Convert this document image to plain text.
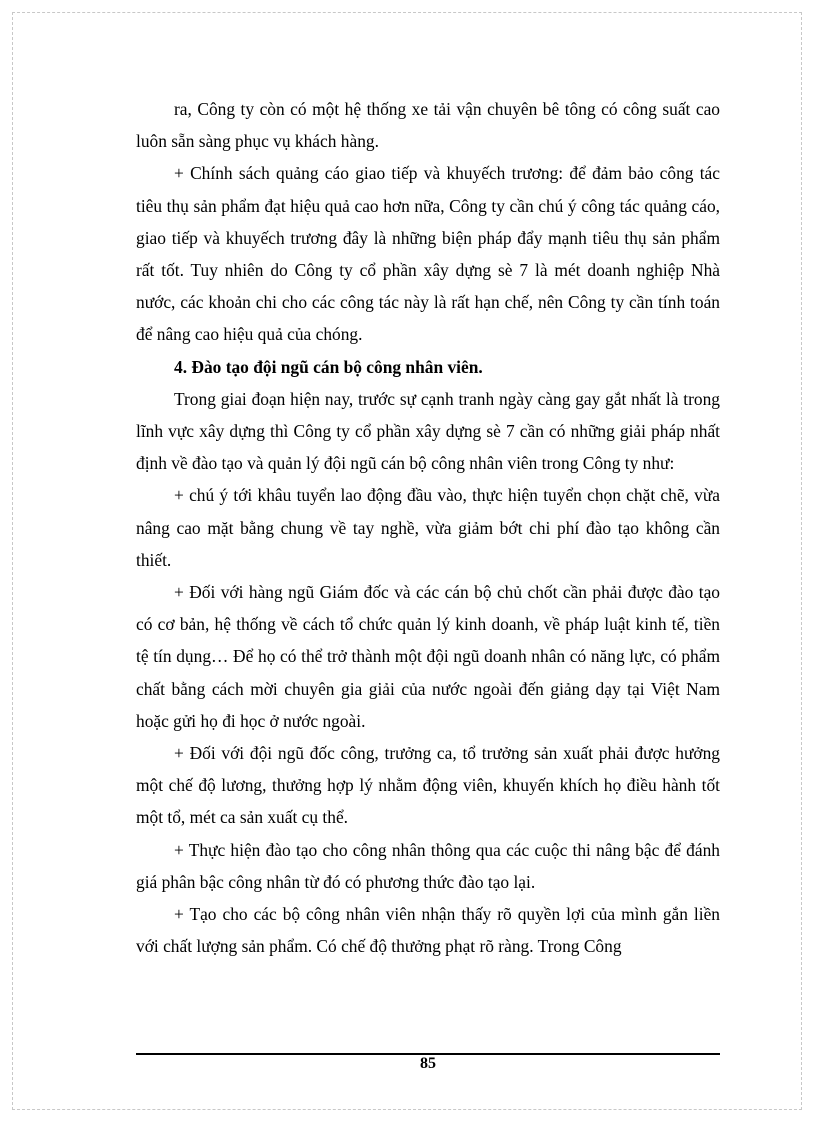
ra, Công ty còn có một hệ thống xe tải vận chuyên bê tông có công suất cao luôn sẵn sàng phục vụ khách hàng.

+ Chính sách quảng cáo giao tiếp và khuyếch trương: để đảm bảo công tác tiêu thụ sản phẩm đạt hiệu quả cao hơn nữa, Công ty cần chú ý công tác quảng cáo, giao tiếp và khuyếch trương đây là những biện pháp đẩy mạnh tiêu thụ sản phẩm rất tốt. Tuy nhiên do Công ty cổ phần xây dựng sè 7 là mét doanh nghiệp Nhà nước, các khoản chi cho các công tác này là rất hạn chế, nên Công ty cần tính toán để nâng cao hiệu quả của chóng.

4. Đào tạo đội ngũ cán bộ công nhân viên.

Trong giai đoạn hiện nay, trước sự cạnh tranh ngày càng gay gắt nhất là trong lĩnh vực xây dựng thì Công ty cổ phần xây dựng sè 7 cần có những giải pháp nhất định về đào tạo và quản lý đội ngũ cán bộ công nhân viên trong Công ty như:

+ chú ý tới khâu tuyển lao động đầu vào, thực hiện tuyển chọn chặt chẽ, vừa nâng cao mặt bằng chung về tay nghề, vừa giảm bớt chi phí đào tạo không cần thiết.

+ Đối với hàng ngũ Giám đốc và các cán bộ chủ chốt cần phải được đào tạo có cơ bản, hệ thống về cách tổ chức quản lý kinh doanh, về pháp luật kinh tế, tiền tệ tín dụng… Để họ có thể trở thành một đội ngũ doanh nhân có năng lực, có phẩm chất bằng cách mời chuyên gia giải của nước ngoài đến giảng dạy tại Việt Nam hoặc gửi họ đi học ở nước ngoài.

+ Đối với đội ngũ đốc công, trưởng ca, tổ trưởng sản xuất phải được hưởng một chế độ lương, thưởng hợp lý nhằm động viên, khuyến khích họ điều hành tốt một tổ, mét ca sản xuất cụ thể.

+ Thực hiện đào tạo cho công nhân thông qua các cuộc thi nâng bậc để đánh giá phân bậc công nhân từ đó có phương thức đào tạo lại.

+ Tạo cho các bộ công nhân viên nhận thấy rõ quyền lợi của mình gắn liền với chất lượng sản phẩm. Có chế độ thưởng phạt rõ ràng. Trong Công

85
